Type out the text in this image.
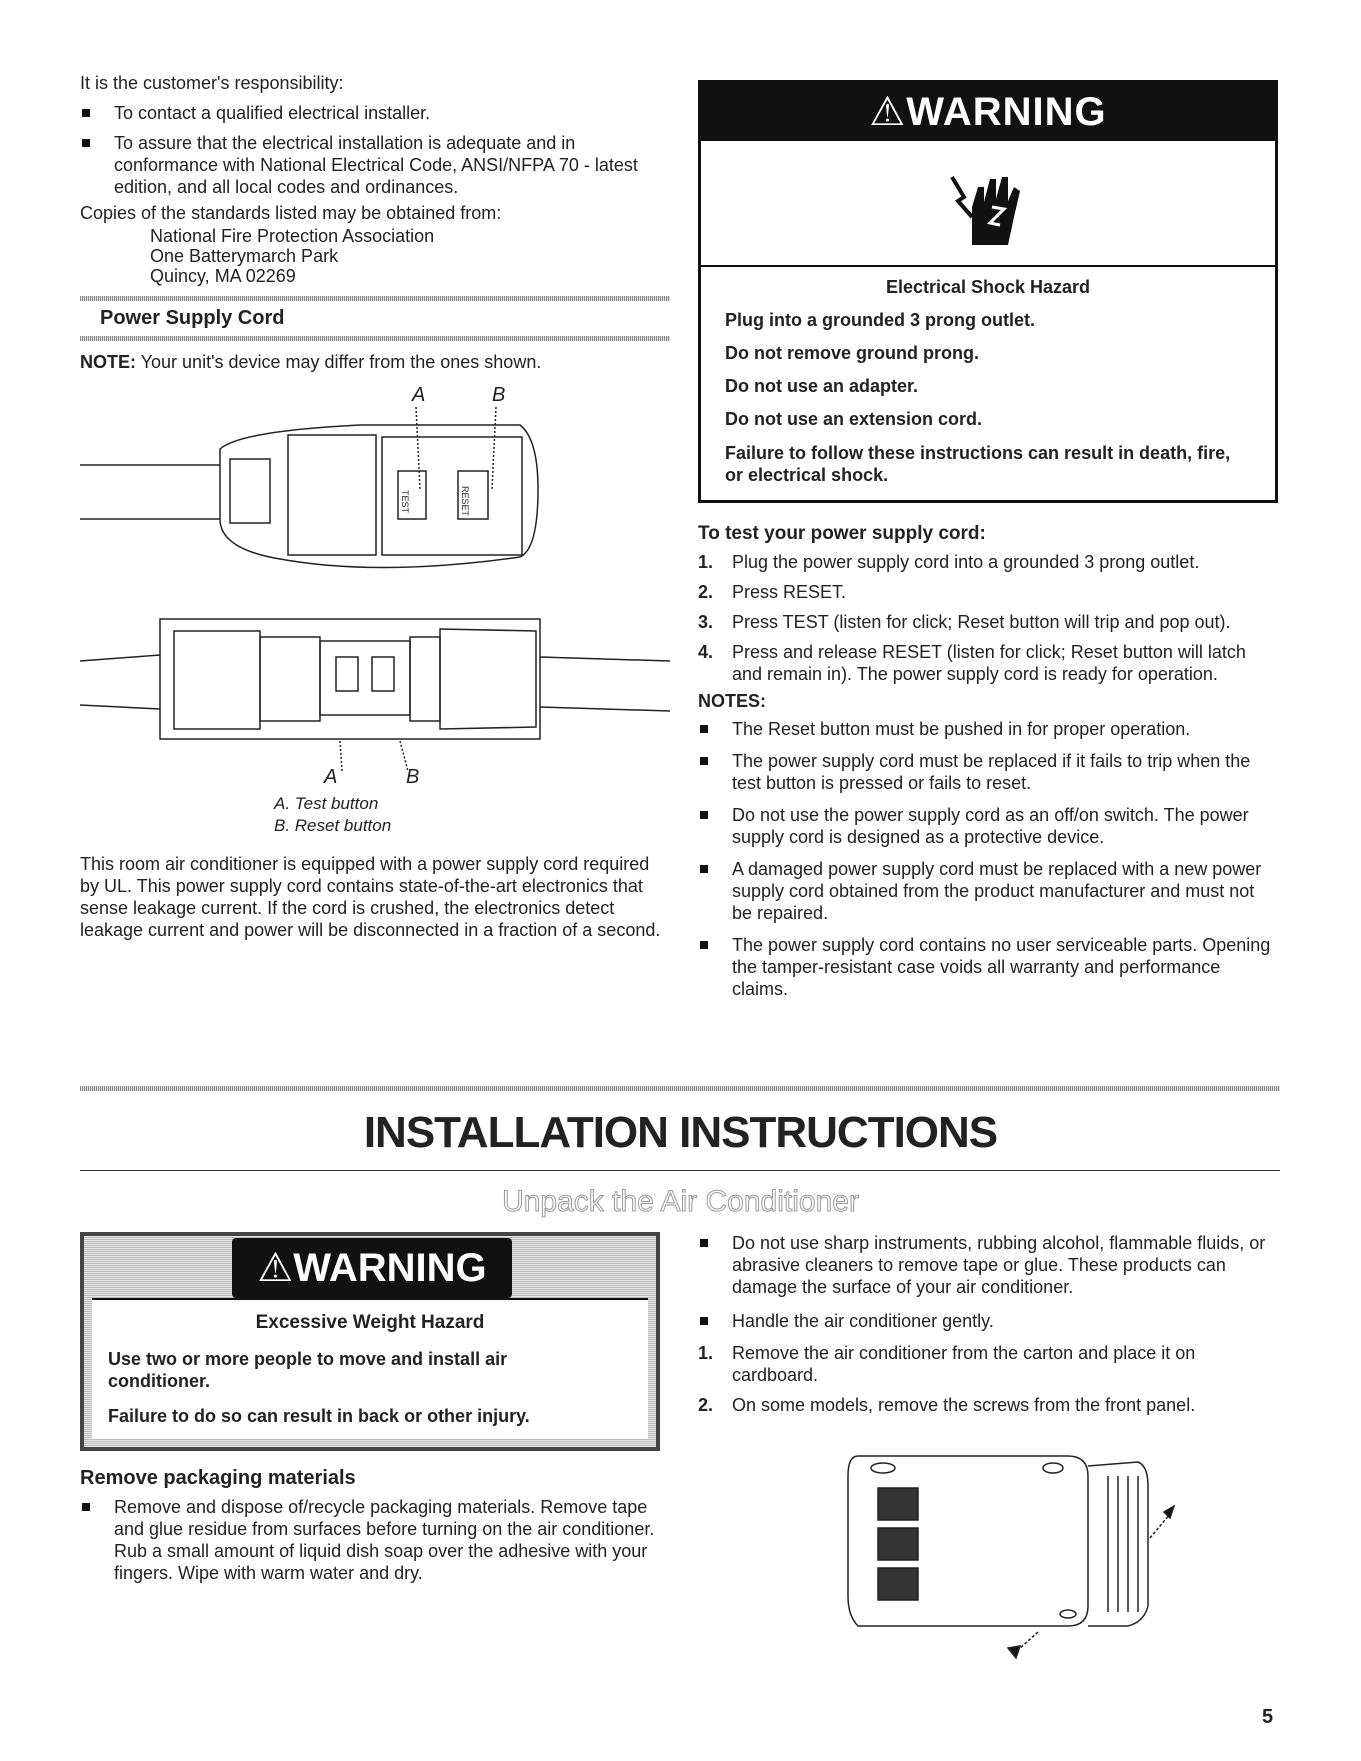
It is the customer's responsibility:

To contact a qualified electrical installer.

To assure that the electrical installation is adequate and in conformance with National Electrical Code, ANSI/NFPA 70 - latest edition, and all local codes and ordinances.

Copies of the standards listed may be obtained from:

National Fire Protection Association
One Batterymarch Park
Quincy, MA 02269
Power Supply Cord

NOTE: Your unit's device may differ from the ones shown.

A	B
TEST	RESET
A	B
A. Test button
B. Reset button

This room air conditioner is equipped with a power supply cord required by UL. This power supply cord contains state-of-the-art electronics that sense leakage current. If the cord is crushed, the electronics detect leakage current and power will be disconnected in a fraction of a second.

⚠WARNING
Electrical Shock Hazard

Plug into a grounded 3 prong outlet.

Do not remove ground prong.

Do not use an adapter.

Do not use an extension cord.

Failure to follow these instructions can result in death, fire, or electrical shock.

To test your power supply cord:

1. Plug the power supply cord into a grounded 3 prong outlet.

2. Press RESET.

3. Press TEST (listen for click; Reset button will trip and pop out).

4. Press and release RESET (listen for click; Reset button will latch and remain in). The power supply cord is ready for operation.

NOTES:

The Reset button must be pushed in for proper operation.

The power supply cord must be replaced if it fails to trip when the test button is pressed or fails to reset.

Do not use the power supply cord as an off/on switch. The power supply cord is designed as a protective device.

A damaged power supply cord must be replaced with a new power supply cord obtained from the product manufacturer and must not be repaired.

The power supply cord contains no user serviceable parts. Opening the tamper-resistant case voids all warranty and performance claims.

INSTALLATION INSTRUCTIONS
Unpack the Air Conditioner
⚠WARNING
Excessive Weight Hazard

Use two or more people to move and install air conditioner.

Failure to do so can result in back or other injury.

Remove packaging materials

Remove and dispose of/recycle packaging materials. Remove tape and glue residue from surfaces before turning on the air conditioner. Rub a small amount of liquid dish soap over the adhesive with your fingers. Wipe with warm water and dry.

Do not use sharp instruments, rubbing alcohol, flammable fluids, or abrasive cleaners to remove tape or glue. These products can damage the surface of your air conditioner.

Handle the air conditioner gently.

1. Remove the air conditioner from the carton and place it on cardboard.

2. On some models, remove the screws from the front panel.

5
